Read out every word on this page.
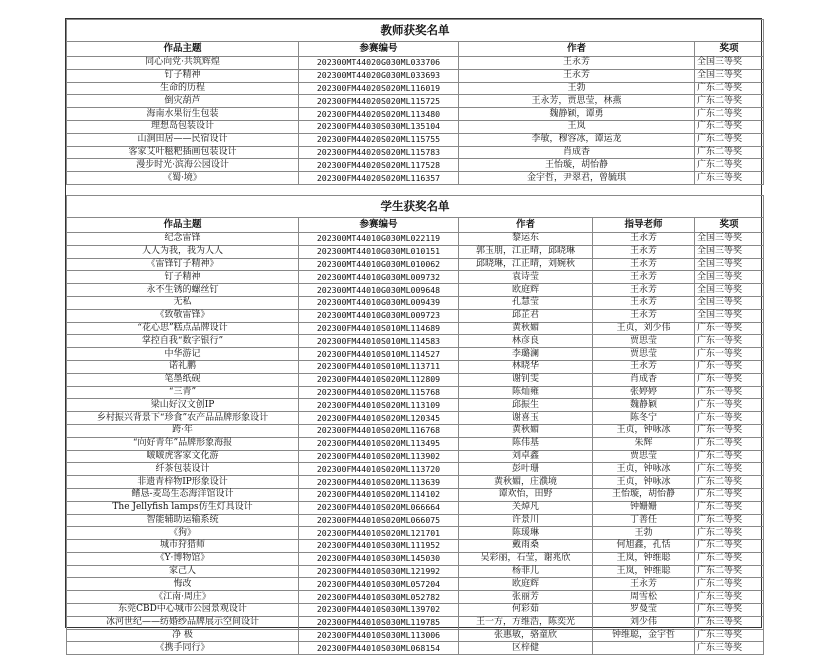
教师获奖名单			
作品主题	参赛编号	作者	奖项
同心向党·共筑辉煌	202300MT44020G030ML033706	王永芳	全国三等奖
钉子精神	202300MT44020G030ML033693	王永芳	全国三等奖
生命的历程	202300FM44020S020ML116019	王勃	广东二等奖
倒灾葫芦	202300FM44020S020ML115725	王永芳，贾思莹，林燕	广东二等奖
海南水果衍生包装	202300FM44020S020ML113480	魏静颖，谭勇	广东二等奖
理想岛包装设计	202300FM44030S030ML135104	王岚	广东二等奖
山涧田居——民宿设计	202300FM44020S020ML115755	李敏，穆容冰，谭运龙	广东二等奖
客家艾叶糍粑插画包装设计	202300FM44020S020ML115783	肖成香	广东二等奖
漫步时光·滨海公园设计	202300FM44020S020ML117528	王怡璇，胡怡静	广东二等奖
《蜀·境》	202300FM44020S020ML116357	金宇哲，尹翠君，曾毓琪	广东三等奖
学生获奖名单				
作品主题	参赛编号	作者	指导老师	奖项
纪念雷锋	202300MT44010G030ML022119	黎运东	王永芳	全国三等奖
人人为我，我为人人	202300MT44010G030ML010151	郭玉朋，江正晴，邱晓琳	王永芳	全国三等奖
《雷锋钉子精神》	202300MT44010G030ML010062	邱晓琳，江正晴，刘婉秋	王永芳	全国三等奖
钉子精神	202300MT44010G030ML009732	袁诗莹	王永芳	全国三等奖
永不生锈的螺丝钉	202300MT44010G030ML009648	欧庭辉	王永芳	全国三等奖
无私	202300MT44010G030ML009439	孔慧莹	王永芳	全国三等奖
《致敬雷锋》	202300MT44010G030ML009723	邱芷君	王永芳	全国三等奖
“花心思”糕点品牌设计	202300FM44010S010ML114689	黄秋媚	王贞，刘少伟	广东一等奖
掌控自我“数字银行”	202300FM44010S010ML114583	林彦良	贾思莹	广东一等奖
中华游记	202300FM44010S010ML114527	李璐澜	贾思莹	广东一等奖
诺礼鹏	202300FM44010S010ML113711	林晓华	王永芳	广东一等奖
笔墨纸砚	202300FM44010S020ML112809	谢钊雯	肖成香	广东一等奖
“三青”	202300FM44010S020ML115768	陈灿雍	张婷婷	广东一等奖
梁山好汉文创IP	202300FM44010S020ML113109	邱振生	魏静颖	广东一等奖
乡村振兴背景下“珍食”农产品品牌形象设计	202300FM44010S020ML120345	谢喜玉	陈冬宁	广东一等奖
跨·年	202300FM44010S020ML116768	黄秋媚	王贞，钟咏冰	广东一等奖
“向好青年”品牌形象海报	202300FM44010S020ML113495	陈伟基	朱辉	广东二等奖
啵啵虎客家文化游	202300FM44010S020ML113902	刘卓鑫	贾思莹	广东二等奖
纤茶包装设计	202300FM44010S020ML113720	彭叶珊	王贞，钟咏冰	广东二等奖
非遗青梓物IP形象设计	202300FM44010S020ML113639	黄秋媚，庄濮境	王贞，钟咏冰	广东二等奖
鳍恳-麦岛生态海洋馆设计	202300FM44010S020ML114102	谭欢怡，田野	王怡璇，胡怡静	广东二等奖
The Jellyfish lamps仿生灯具设计	202300FM44010S020ML066664	关焯凡	钟姗姗	广东二等奖
智能辅助运输系统	202300FM44010S020ML066075	许景川	丁善任	广东二等奖
《狗》	202300FM44010S020ML121701	陈瑗琳	王勃	广东二等奖
城市狩猎师	202300FM44010S030ML111952	戴雨桑	何旭鑫，孔恬	广东二等奖
《Y·博物馆》	202300FM44010S030ML145030	吴彩丽，石莹，谢兆欣	王岚，钟维聪	广东二等奖
家己人	202300FM44010S030ML121992	杨菲儿	王岚，钟维聪	广东二等奖
悔改	202300FM44010S030ML057204	欧庭辉	王永芳	广东二等奖
《江南·周庄》	202300FM44010S030ML052782	张丽芳	周雪松	广东三等奖
东莞CBD中心城市公园景观设计	202300FM44010S030ML139702	何彩茹	罗曼莹	广东三等奖
冰河世纪——纺婚纱品牌展示空间设计	202300FM44010S030ML119785	王一方，方维浩，陈奕光	刘少伟	广东三等奖
净 极	202300FM44010S030ML113006	张惠敏，骆童欣	钟维聪，金宇哲	广东三等奖
《携手同行》	202300FM44010S030ML068154	区梓健		广东三等奖
